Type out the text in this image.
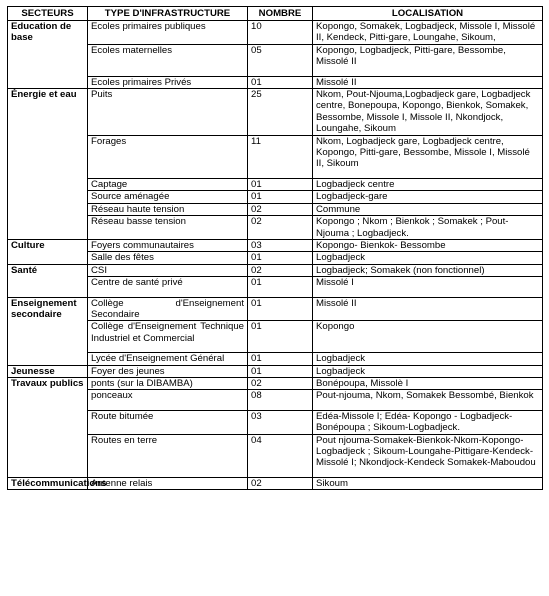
SECTEURS	TYPE D'INFRASTRUCTURE	NOMBRE	LOCALISATION
Education de base	Ecoles primaires publiques	10	Kopongo, Somakek, Logbadjeck, Missole I, Missolé II, Kendeck, Pitti-gare, Loungahe, Sikoum,
	Ecoles maternelles	05	Kopongo, Logbadjeck, Pitti-gare, Bessombe, Missolé II

	Ecoles primaires Privés	01	Missolé II
Énergie et eau	Puits	25	Nkom, Pout-Njouma,Logbadjeck gare, Logbadjeck centre, Bonepoupa, Kopongo, Bienkok, Somakek, Bessombe, Missole I, Missole II, Nkondjock, Loungahe, Sikoum
	Forages	11	Nkom, Logbadjeck gare, Logbadjeck centre, Kopongo, Pitti-gare, Bessombe, Missole I, Missolé II, Sikoum

	Captage	01	Logbadjeck centre
	Source aménagée	01	Logbadjeck-gare
	Réseau haute tension	02	Commune
	Réseau basse tension	02	Kopongo ; Nkom ; Bienkok ; Somakek ; Pout-Njouma ; Logbadjeck.
Culture	Foyers communautaires	03	Kopongo- Bienkok- Bessombe
	Salle des fêtes	01	Logbadjeck
Santé	CSI	02	Logbadjeck; Somakek (non fonctionnel)
	Centre de santé privé	01	Missolé I

Enseignement secondaire	Collège d'Enseignement Secondaire	01	Missolé II
	Collège d'Enseignement Technique Industriel et Commercial	01	Kopongo

	Lycée d'Enseignement Général	01	Logbadjeck
Jeunesse	Foyer des jeunes	01	Logbadjeck
Travaux publics	ponts (sur la DIBAMBA)	02	Bonépoupa, Missolè I
	ponceaux	08	Pout-njouma, Nkom, Somakek Bessombé, Bienkok

	Route bitumée	03	Edéa-Missole I; Edéa- Kopongo - Logbadjeck-Bonépoupa ; Sikoum-Logbadjeck.
	Routes en terre	04	Pout njouma-Somakek-Bienkok-Nkom-Kopongo-Logbadjeck ; Sikoum-Loungahe-Pittigare-Kendeck-Missolé I; Nkondjock-Kendeck Somakek-Maboudou

Télécommunications	Antenne relais	02	Sikoum
